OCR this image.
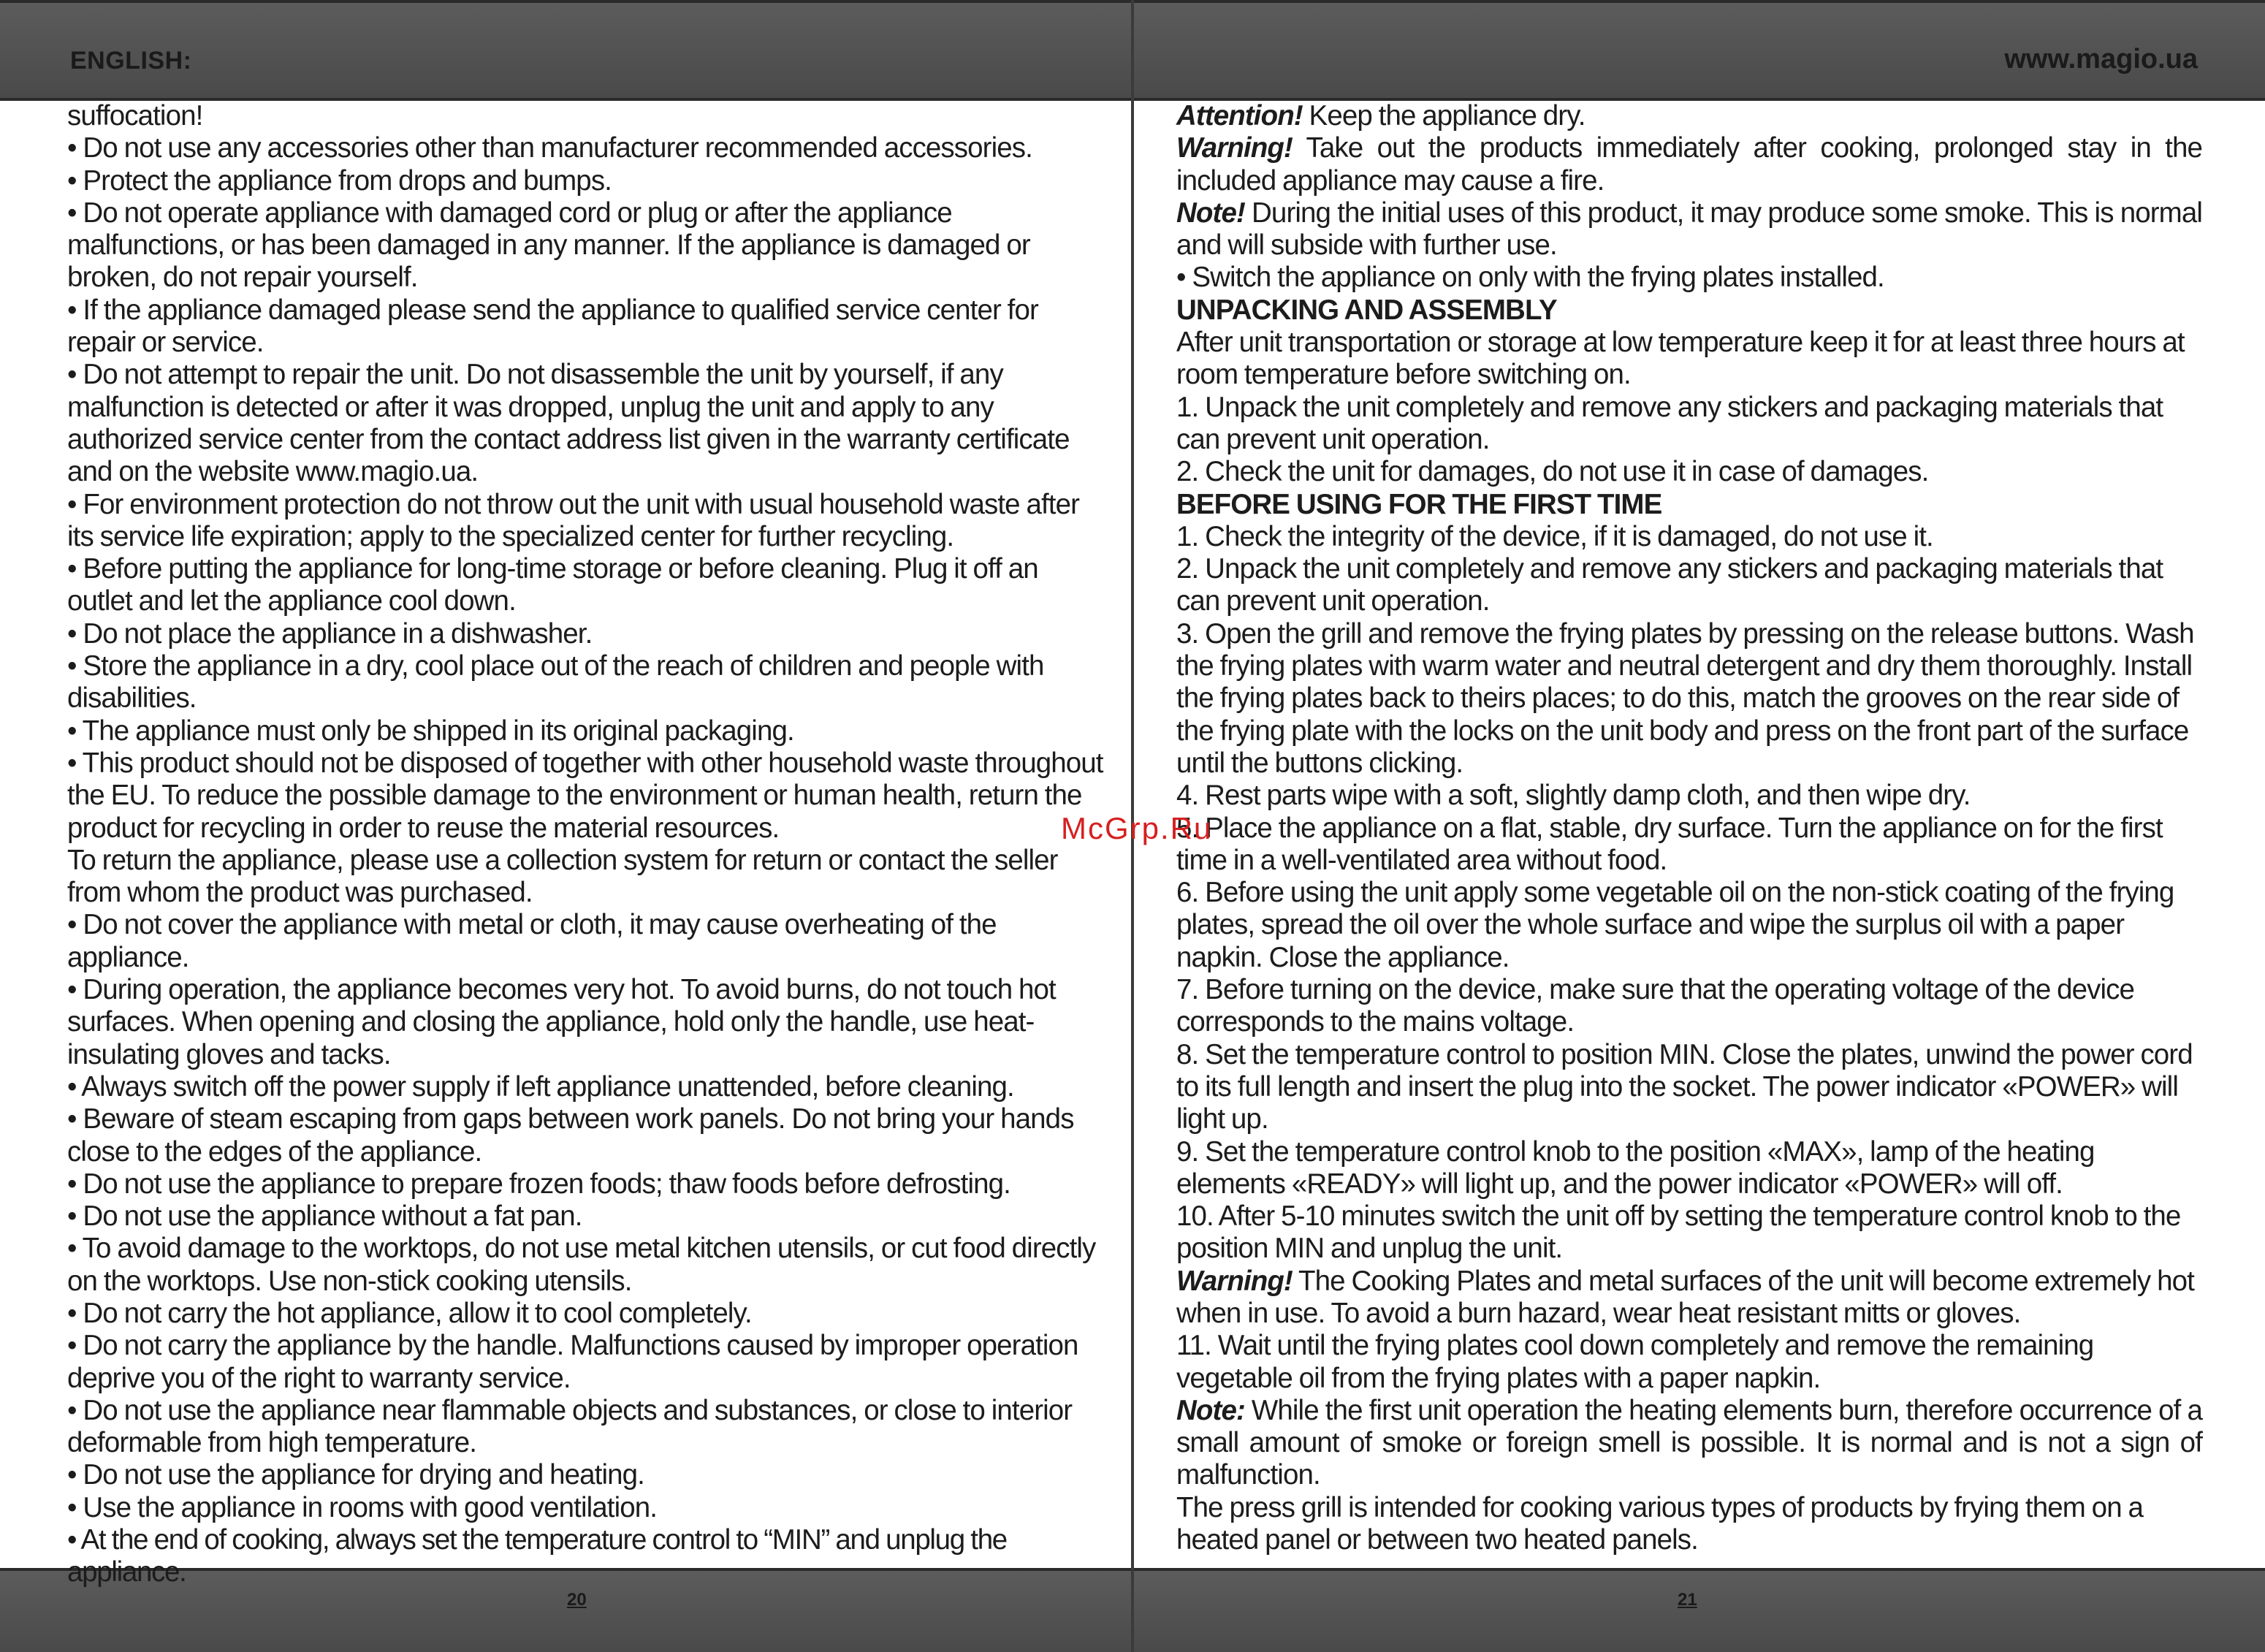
ENGLISH:	www.magio.ua

suffocation!

• Do not use any accessories other than manufacturer recommended accessories.

• Protect the appliance from drops and bumps.

• Do not operate appliance with damaged cord or plug or after the appliance malfunctions, or has been damaged in any manner. If the appliance is damaged or broken, do not repair yourself.

• If the appliance damaged please send the appliance to qualified service center for repair or service.

• Do not attempt to repair the unit. Do not disassemble the unit by yourself, if any malfunction is detected or after it was dropped, unplug the unit and apply to any authorized service center from the contact address list given in the warranty certificate and on the website www.magio.ua.

• For environment protection do not throw out the unit with usual household waste after its service life expiration; apply to the specialized center for further recycling.

• Before putting the appliance for long-time storage or before cleaning. Plug it off an outlet and let the appliance cool down.

• Do not place the appliance in a dishwasher.

• Store the appliance in a dry, cool place out of the reach of children and people with disabilities.

• The appliance must only be shipped in its original packaging.

• This product should not be disposed of together with other household waste throughout the EU. To reduce the possible damage to the environment or human health, return the product for recycling in order to reuse the material resources.

To return the appliance, please use a collection system for return or contact the seller from whom the product was purchased.

• Do not cover the appliance with metal or cloth, it may cause overheating of the appliance.

• During operation, the appliance becomes very hot. To avoid burns, do not touch hot surfaces. When opening and closing the appliance, hold only the handle, use heat-insulating gloves and tacks.

• Always switch off the power supply if left appliance unattended, before cleaning.

• Beware of steam escaping from gaps between work panels. Do not bring your hands close to the edges of the appliance.

• Do not use the appliance to prepare frozen foods; thaw foods before defrosting.

• Do not use the appliance without a fat pan.

• To avoid damage to the worktops, do not use metal kitchen utensils, or cut food directly on the worktops. Use non-stick cooking utensils.

• Do not carry the hot appliance, allow it to cool completely.

• Do not carry the appliance by the handle. Malfunctions caused by improper operation deprive you of the right to warranty service.

• Do not use the appliance near flammable objects and substances, or close to interior deformable from high temperature.

• Do not use the appliance for drying and heating.

• Use the appliance in rooms with good ventilation.

• At the end of cooking, always set the temperature control to “MIN” and unplug the appliance.

Attention! Keep the appliance dry.

Warning! Take out the products immediately after cooking, prolonged stay in the included appliance may cause a fire.

Note! During the initial uses of this product, it may produce some smoke. This is normal and will subside with further use.

• Switch the appliance on only with the frying plates installed.

UNPACKING AND ASSEMBLY

After unit transportation or storage at low temperature keep it for at least three hours at room temperature before switching on.

1. Unpack the unit completely and remove any stickers and packaging materials that can prevent unit operation.

2. Check the unit for damages, do not use it in case of damages.

BEFORE USING FOR THE FIRST TIME

1. Check the integrity of the device, if it is damaged, do not use it.

2. Unpack the unit completely and remove any stickers and packaging materials that can prevent unit operation.

3. Open the grill and remove the frying plates by pressing on the release buttons. Wash the frying plates with warm water and neutral detergent and dry them thoroughly. Install the frying plates back to theirs places; to do this, match the grooves on the rear side of the frying plate with the locks on the unit body and press on the front part of the surface until the buttons clicking.

4. Rest parts wipe with a soft, slightly damp cloth, and then wipe dry.

5. Place the appliance on a flat, stable, dry surface. Turn the appliance on for the first time in a well-ventilated area without food.

6. Before using the unit apply some vegetable oil on the non-stick coating of the frying plates, spread the oil over the whole surface and wipe the surplus oil with a paper napkin. Close the appliance.

7. Before turning on the device, make sure that the operating voltage of the device corresponds to the mains voltage.

8. Set the temperature control to position MIN. Close the plates, unwind the power cord to its full length and insert the plug into the socket. The power indicator «POWER» will light up.

9. Set the temperature control knob to the position «MAX», lamp of the heating elements «READY» will light up, and the power indicator «POWER» will off.

10. After 5-10 minutes switch the unit off by setting the temperature control knob to the position MIN and unplug the unit.

Warning! The Cooking Plates and metal surfaces of the unit will become extremely hot when in use. To avoid a burn hazard, wear heat resistant mitts or gloves.

11. Wait until the frying plates cool down completely and remove the remaining vegetable oil from the frying plates with a paper napkin.

Note: While the first unit operation the heating elements burn, therefore occurrence of a small amount of smoke or foreign smell is possible. It is normal and is not a sign of malfunction.

The press grill is intended for cooking various types of products by frying them on a heated panel or between two heated panels.

McGrp.Ru
20	21
